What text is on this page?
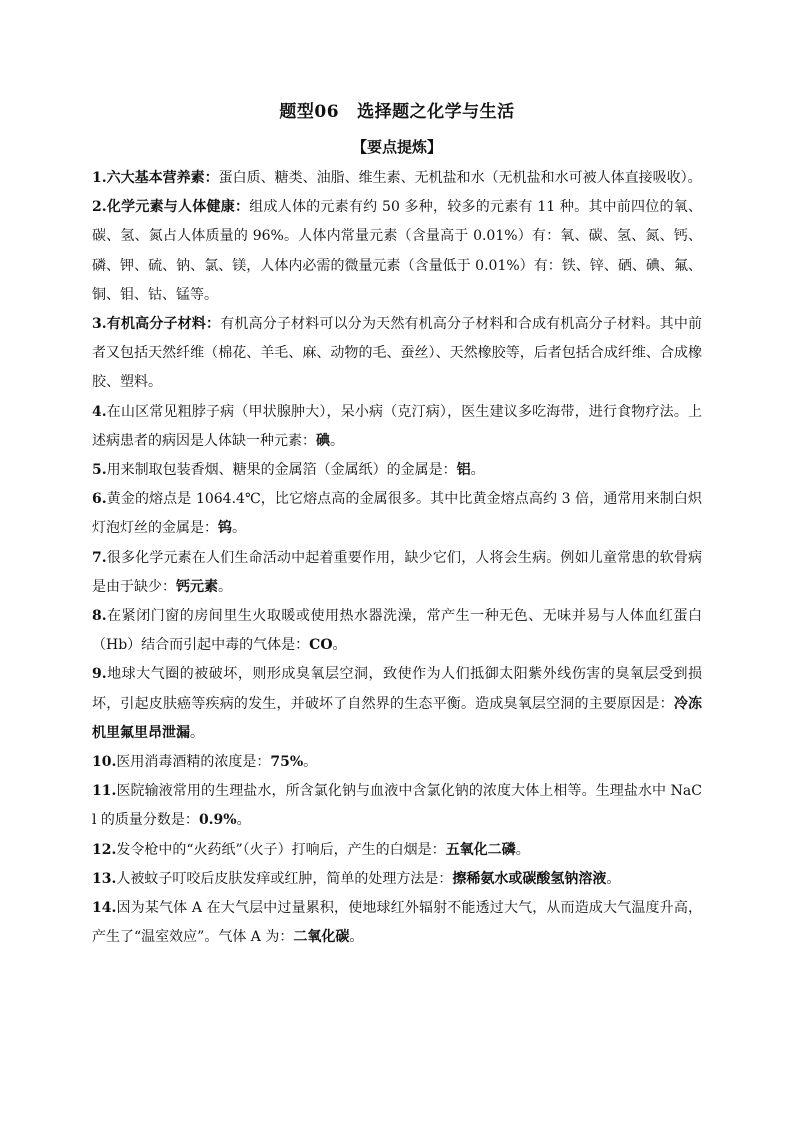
题型06 选择题之化学与生活
【要点提炼】

1.六大基本营养素：蛋白质、糖类、油脂、维生素、无机盐和水（无机盐和水可被人体直接吸收）。

2.化学元素与人体健康：组成人体的元素有约 50 多种，较多的元素有 11 种。其中前四位的氧、碳、氢、氮占人体质量的 96%。人体内常量元素（含量高于 0.01%）有：氧、碳、氢、氮、钙、磷、钾、硫、钠、氯、镁，人体内必需的微量元素（含量低于 0.01%）有：铁、锌、硒、碘、氟、铜、钼、钴、锰等。

3.有机高分子材料：有机高分子材料可以分为天然有机高分子材料和合成有机高分子材料。其中前者又包括天然纤维（棉花、羊毛、麻、动物的毛、蚕丝）、天然橡胶等，后者包括合成纤维、合成橡胶、塑料。

4.在山区常见粗脖子病（甲状腺肿大），呆小病（克汀病），医生建议多吃海带，进行食物疗法。上述病患者的病因是人体缺一种元素：碘。

5.用来制取包装香烟、糖果的金属箔（金属纸）的金属是：铝。

6.黄金的熔点是 1064.4℃，比它熔点高的金属很多。其中比黄金熔点高约 3 倍，通常用来制白炽灯泡灯丝的金属是：钨。

7.很多化学元素在人们生命活动中起着重要作用，缺少它们，人将会生病。例如儿童常患的软骨病是由于缺少：钙元素。

8.在紧闭门窗的房间里生火取暖或使用热水器洗澡，常产生一种无色、无味并易与人体血红蛋白（Hb）结合而引起中毒的气体是：CO。

9.地球大气圈的被破坏，则形成臭氧层空洞，致使作为人们抵御太阳紫外线伤害的臭氧层受到损坏，引起皮肤癌等疾病的发生，并破坏了自然界的生态平衡。造成臭氧层空洞的主要原因是：冷冻机里氟里昂泄漏。

10.医用消毒酒精的浓度是：75%。

11.医院输液常用的生理盐水，所含氯化钠与血液中含氯化钠的浓度大体上相等。生理盐水中 NaCl 的质量分数是：0.9%。

12.发令枪中的“火药纸”（火子）打响后，产生的白烟是：五氧化二磷。

13.人被蚊子叮咬后皮肤发痒或红肿，简单的处理方法是：擦稀氨水或碳酸氢钠溶液。

14.因为某气体 A 在大气层中过量累积，使地球红外辐射不能透过大气，从而造成大气温度升高，产生了“温室效应”。气体 A 为：二氧化碳。
